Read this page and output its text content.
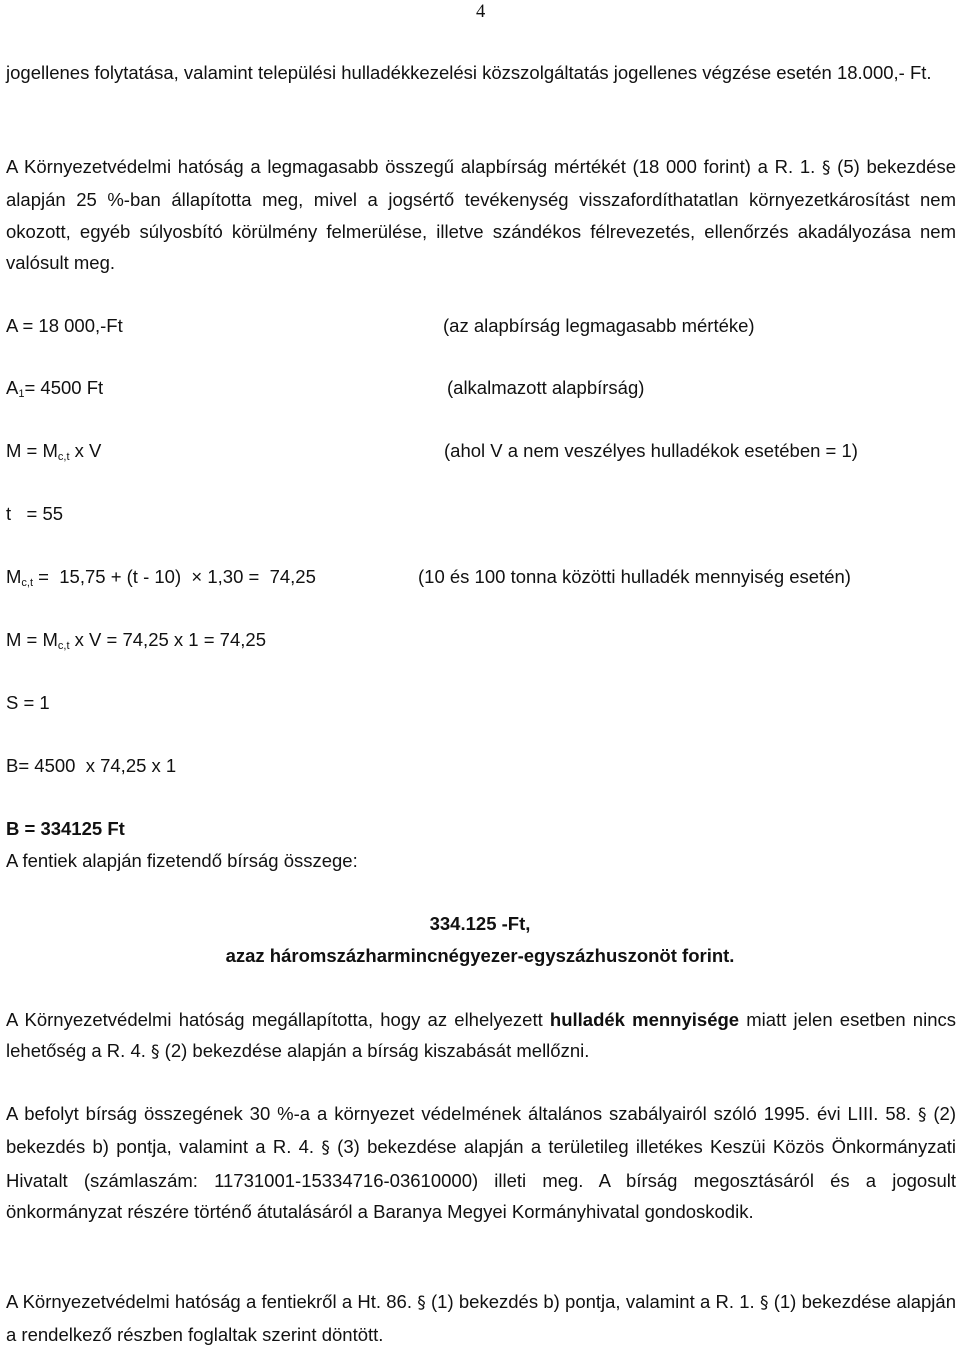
4

jogellenes folytatása, valamint települési hulladékkezelési közszolgáltatás jogellenes végzése esetén 18.000,- Ft.

A Környezetvédelmi hatóság a legmagasabb összegű alapbírság mértékét (18 000 forint) a R. 1. § (5) bekezdése alapján 25 %-ban állapította meg, mivel a jogsértő tevékenység visszafordíthatatlan környezetkárosítást nem okozott, egyéb súlyosbító körülmény felmerülése, illetve szándékos félrevezetés, ellenőrzés akadályozása nem valósult meg.

A = 18 000,-Ft	(az alapbírság legmagasabb mértéke)
$A_1= 4500$ Ft	(alkalmazott alapbírság)
$M = M_{c,t}$ x V	(ahol V a nem veszélyes hulladékok esetében = 1)
t   = 55
$M_{c,t} = 15,75 + (t - 10) \times 1,30 = 74,25$	(10 és 100 tonna közötti hulladék mennyiség esetén)
$M = M_{c,t}$ x V = 74,25 x 1 = 74,25
S = 1
B= 4500  x 74,25 x 1
B = 334125 Ft
A fentiek alapján fizetendő bírság összege:
334.125 -Ft,
azaz háromszázharmincnégyezer-egyszázhuszonöt forint.

A Környezetvédelmi hatóság megállapította, hogy az elhelyezett hulladék mennyisége miatt jelen esetben nincs lehetőség a R. 4. § (2) bekezdése alapján a bírság kiszabását mellőzni.

A befolyt bírság összegének 30 %-a a környezet védelmének általános szabályairól szóló 1995. évi LIII. 58. § (2) bekezdés b) pontja, valamint a R. 4. § (3) bekezdése alapján a területileg illetékes Keszüi Közös Önkormányzati Hivatalt (számlaszám: 11731001-15334716-03610000) illeti meg. A bírság megosztásáról és a jogosult önkormányzat részére történő átutalásáról a Baranya Megyei Kormányhivatal gondoskodik.

A Környezetvédelmi hatóság a fentiekről a Ht. 86. § (1) bekezdés b) pontja, valamint a R. 1. § (1) bekezdése alapján a rendelkező részben foglaltak szerint döntött.
